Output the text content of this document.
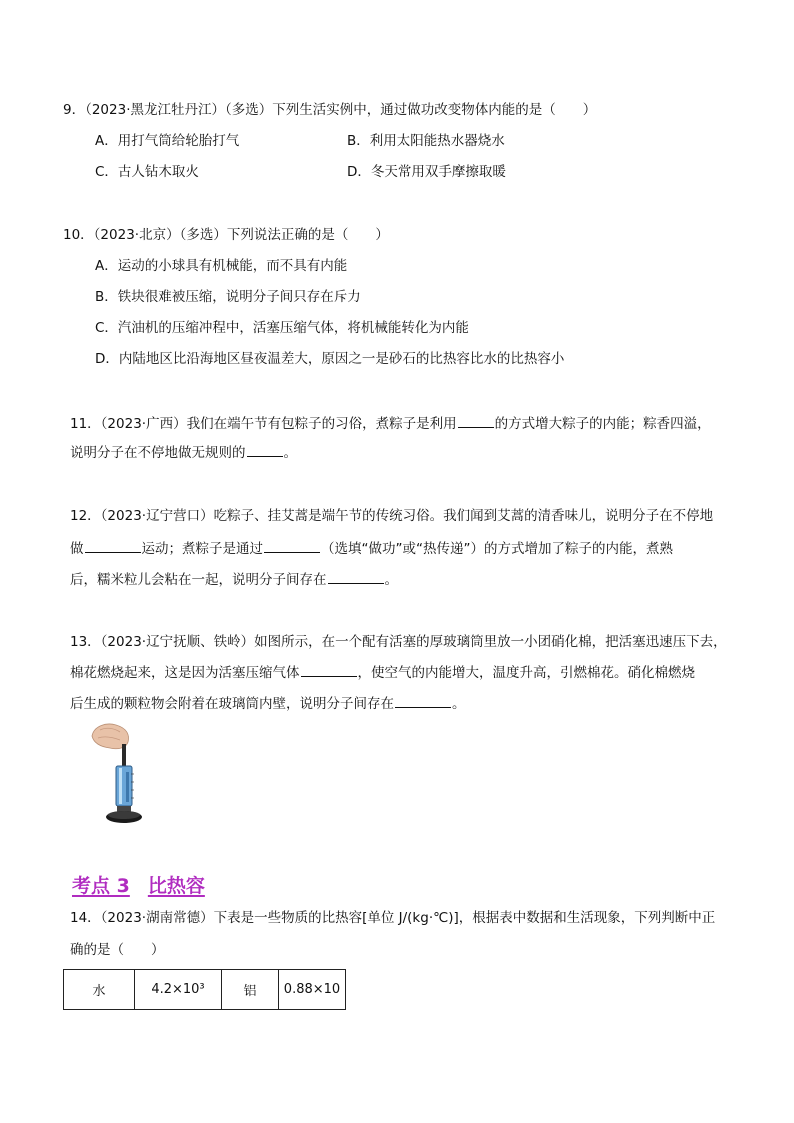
9．（2023·黑龙江牡丹江）（多选）下列生活实例中，通过做功改变物体内能的是（　　）
A．用打气筒给轮胎打气	B．利用太阳能热水器烧水
C．古人钻木取火	D．冬天常用双手摩擦取暖
10．（2023·北京）（多选）下列说法正确的是（　　）
A．运动的小球具有机械能，而不具有内能
B．铁块很难被压缩，说明分子间只存在斥力
C．汽油机的压缩冲程中，活塞压缩气体，将机械能转化为内能
D．内陆地区比沿海地区昼夜温差大，原因之一是砂石的比热容比水的比热容小
11．（2023·广西）我们在端午节有包粽子的习俗，煮粽子是利用	的方式增大粽子的内能；粽香四溢，
说明分子在不停地做无规则的	。
12．（2023·辽宁营口）吃粽子、挂艾蒿是端午节的传统习俗。我们闻到艾蒿的清香味儿，说明分子在不停地
做	运动；煮粽子是通过	（选填“做功”或“热传递”）的方式增加了粽子的内能，煮熟
后，糯米粒儿会粘在一起，说明分子间存在	。
13．（2023·辽宁抚顺、铁岭）如图所示，在一个配有活塞的厚玻璃筒里放一小团硝化棉，把活塞迅速压下去，
棉花燃烧起来，这是因为活塞压缩气体	，使空气的内能增大，温度升高，引燃棉花。硝化棉燃烧
后生成的颗粒物会附着在玻璃筒内壁，说明分子间存在	。
考点 3 比热容
14．（2023·湖南常德）下表是一些物质的比热容[单位 J/(kg·℃)]，根据表中数据和生活现象，下列判断中正
确的是（　　）
水	4.2×10³	铝	0.88×10
